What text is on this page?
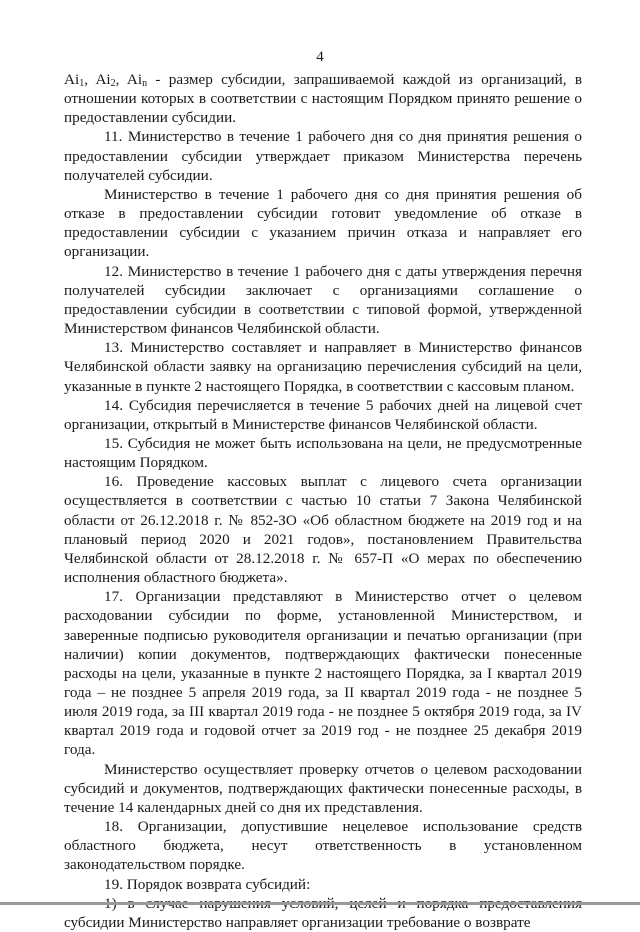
4

$Ai_1$, $Ai_2$, $Ai_n$ - размер субсидии, запрашиваемой каждой из организаций, в отношении которых в соответствии с настоящим Порядком принято решение о предоставлении субсидии.

11. Министерство в течение 1 рабочего дня со дня принятия решения о предоставлении субсидии утверждает приказом Министерства перечень получателей субсидии.

Министерство в течение 1 рабочего дня со дня принятия решения об отказе в предоставлении субсидии готовит уведомление об отказе в предоставлении субсидии с указанием причин отказа и направляет его организации.

12. Министерство в течение 1 рабочего дня с даты утверждения перечня получателей субсидии заключает с организациями соглашение о предоставлении субсидии в соответствии с типовой формой, утвержденной Министерством финансов Челябинской области.

13. Министерство составляет и направляет в Министерство финансов Челябинской области заявку на организацию перечисления субсидий на цели, указанные в пункте 2 настоящего Порядка, в соответствии с кассовым планом.

14. Субсидия перечисляется в течение 5 рабочих дней на лицевой счет организации, открытый в Министерстве финансов Челябинской области.

15. Субсидия не может быть использована на цели, не предусмотренные настоящим Порядком.

16. Проведение кассовых выплат с лицевого счета организации осуществляется в соответствии с частью 10 статьи 7 Закона Челябинской области от 26.12.2018 г. № 852-ЗО «Об областном бюджете на 2019 год и на плановый период 2020 и 2021 годов», постановлением Правительства Челябинской области от 28.12.2018 г. № 657-П «О мерах по обеспечению исполнения областного бюджета».

17. Организации представляют в Министерство отчет о целевом расходовании субсидии по форме, установленной Министерством, и заверенные подписью руководителя организации и печатью организации (при наличии) копии документов, подтверждающих фактически понесенные расходы на цели, указанные в пункте 2 настоящего Порядка, за I квартал 2019 года – не позднее 5 апреля 2019 года, за II квартал 2019 года - не позднее 5 июля 2019 года, за III квартал 2019 года - не позднее 5 октября 2019 года, за IV квартал 2019 года и годовой отчет за 2019 год - не позднее 25 декабря 2019 года.

Министерство осуществляет проверку отчетов о целевом расходовании субсидий и документов, подтверждающих фактически понесенные расходы, в течение 14 календарных дней со дня их представления.

18. Организации, допустившие нецелевое использование средств областного бюджета, несут ответственность в установленном законодательством порядке.

19. Порядок возврата субсидий:

субсидии Министерство направляет организации требование о возврате
